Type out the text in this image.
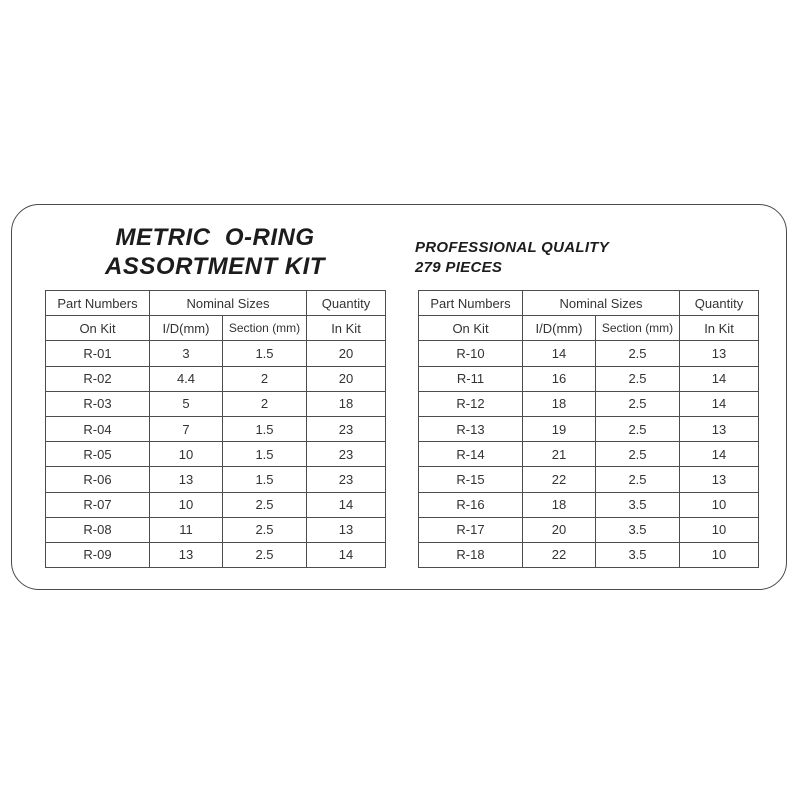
METRIC  O-RING
ASSORTMENT KIT
PROFESSIONAL QUALITY
279 PIECES
Part Numbers	Nominal Sizes		Quantity
On Kit	I/D(mm)	Section (mm)	In Kit
R-01	3	1.5	20
R-02	4.4	2	20
R-03	5	2	18
R-04	7	1.5	23
R-05	10	1.5	23
R-06	13	1.5	23
R-07	10	2.5	14
R-08	11	2.5	13
R-09	13	2.5	14
Part Numbers	Nominal Sizes		Quantity
On Kit	I/D(mm)	Section (mm)	In Kit
R-10	14	2.5	13
R-11	16	2.5	14
R-12	18	2.5	14
R-13	19	2.5	13
R-14	21	2.5	14
R-15	22	2.5	13
R-16	18	3.5	10
R-17	20	3.5	10
R-18	22	3.5	10
